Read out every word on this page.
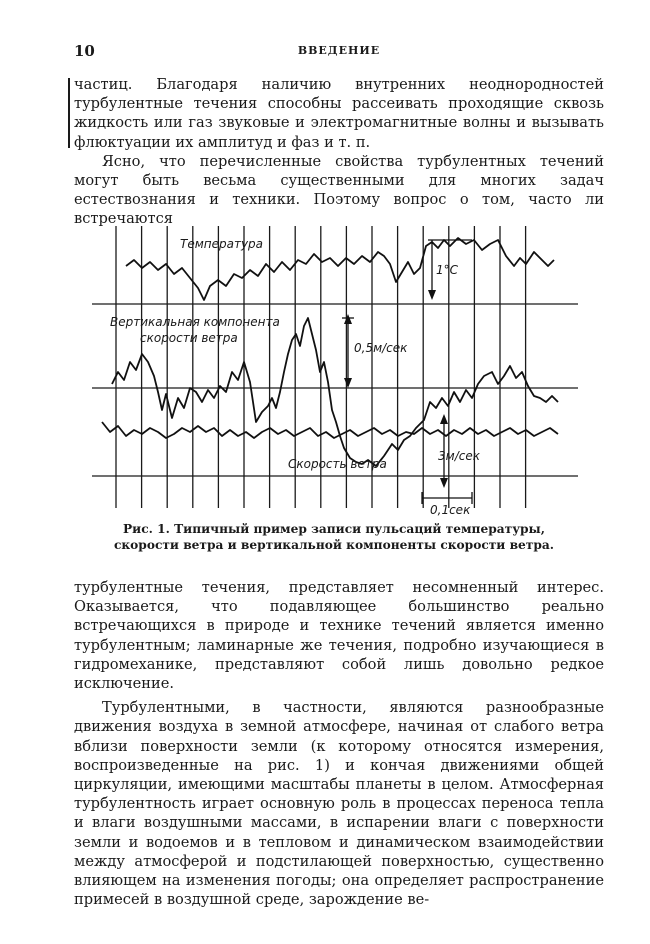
10	ВВЕДЕНИЕ

частиц. Благодаря наличию внутренних неоднородностей турбулентные течения способны рассеивать проходящие сквозь жидкость или газ звуковые и электромагнитные волны и вызывать флюктуации их амплитуд и фаз и т. п.

Ясно, что перечисленные свойства турбулентных течений могут быть весьма существенными для многих задач естествознания и техники. Поэтому вопрос о том, часто ли встречаются

Температура
Вертикальная компонента
скорости ветра
Скорость ветра
1°C
0,5м/сек
3м/сек
0,1сек
Рис. 1. Типичный пример записи пульсаций температуры, скорости ветра и вертикальной компоненты скорости ветра.

турбулентные течения, представляет несомненный интерес. Оказывается, что подавляющее большинство реально встречающихся в природе и технике течений является именно турбулентным; ламинарные же течения, подробно изучающиеся в гидромеханике, представляют собой лишь довольно редкое исключение.

Турбулентными, в частности, являются разнообразные движения воздуха в земной атмосфере, начиная от слабого ветра вблизи поверхности земли (к которому относятся измерения, воспроизведенные на рис. 1) и кончая движениями общей циркуляции, имеющими масштабы планеты в целом. Атмосферная турбулентность играет основную роль в процессах переноса тепла и влаги воздушными массами, в испарении влаги с поверхности земли и водоемов и в тепловом и динамическом взаимодействии между атмосферой и подстилающей поверхностью, существенно влияющем на изменения погоды; она определяет распространение примесей в воздушной среде, зарождение ве-
